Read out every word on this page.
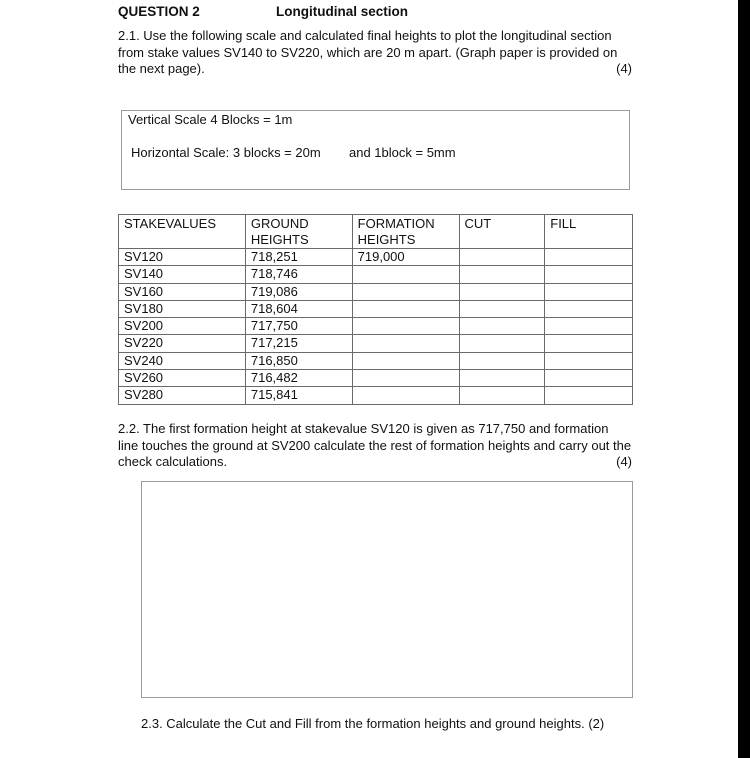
QUESTION 2	Longitudinal section
2.1. Use the following scale and calculated final heights to plot the longitudinal section from stake values SV140 to SV220, which are 20 m apart. (Graph paper is provided on the next page).	(4)
Vertical Scale 4 Blocks = 1m
Horizontal Scale: 3 blocks = 20m and 1block = 5mm
STAKEVALUES	GROUND HEIGHTS	FORMATION HEIGHTS	CUT	FILL
SV120	718,251	719,000		
SV140	718,746			
SV160	719,086			
SV180	718,604			
SV200	717,750			
SV220	717,215			
SV240	716,850			
SV260	716,482			
SV280	715,841			
2.2. The first formation height at stakevalue SV120 is given as 717,750 and formation line touches the ground at SV200 calculate the rest of formation heights and carry out the check calculations.	(4)
2.3. Calculate the Cut and Fill from the formation heights and ground heights. (2)
